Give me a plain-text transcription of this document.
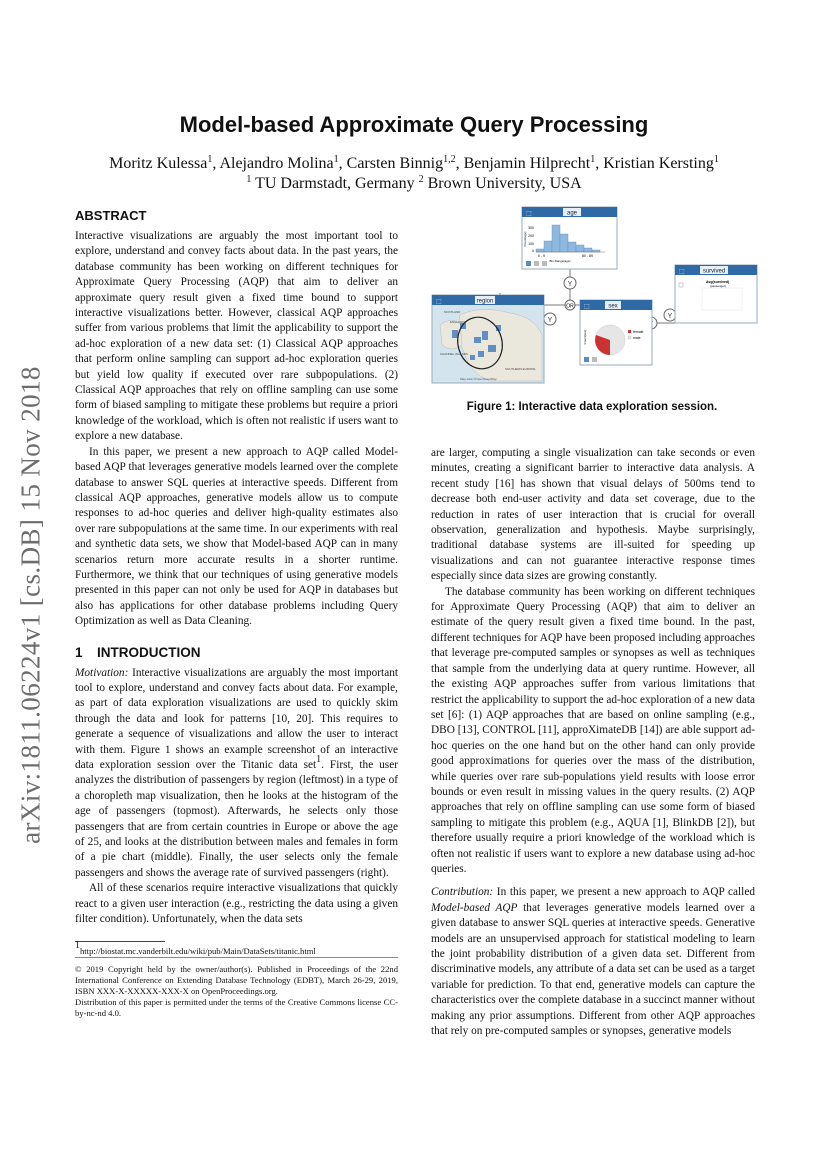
arXiv:1811.06224v1 [cs.DB] 15 Nov 2018
Model-based Approximate Query Processing
Moritz Kulessa$^1$, Alejandro Molina$^1$, Carsten Binnig$^{1,2}$, Benjamin Hilprecht$^1$, Kristian Kersting$^1$
$^1$ TU Darmstadt, Germany $^2$ Brown University, USA
ABSTRACT

Interactive visualizations are arguably the most important tool to explore, understand and convey facts about data. In the past years, the database community has been working on different techniques for Approximate Query Processing (AQP) that aim to deliver an approximate query result given a fixed time bound to support interactive visualizations better. However, classical AQP approaches suffer from various problems that limit the applicability to support the ad-hoc exploration of a new data set: (1) Classical AQP approaches that perform online sampling can support ad-hoc exploration queries but yield low quality if executed over rare subpopulations. (2) Classical AQP approaches that rely on offline sampling can use some form of biased sampling to mitigate these problems but require a priori knowledge of the workload, which is often not realistic if users want to explore a new database.

In this paper, we present a new approach to AQP called Model-based AQP that leverages generative models learned over the complete database to answer SQL queries at interactive speeds. Different from classical AQP approaches, generative models allow us to compute responses to ad-hoc queries and deliver high-quality estimates also over rare subpopulations at the same time. In our experiments with real and synthetic data sets, we show that Model-based AQP can in many scenarios return more accurate results in a shorter runtime. Furthermore, we think that our techniques of using generative models presented in this paper can not only be used for AQP in databases but also has applications for other database problems including Query Optimization as well as Data Cleaning.

1 INTRODUCTION

Motivation: Interactive visualizations are arguably the most important tool to explore, understand and convey facts about data. For example, as part of data exploration visualizations are used to quickly skim through the data and look for patterns [10, 20]. This requires to generate a sequence of visualizations and allow the user to interact with them. Figure 1 shows an example screenshot of an interactive data exploration session over the Titanic data set$^1$. First, the user analyzes the distribution of passengers by region (leftmost) in a type of a choropleth map visualization, then he looks at the histogram of the age of passengers (topmost). Afterwards, he selects only those passengers that are from certain countries in Europe or above the age of 25, and looks at the distribution between males and females in form of a pie chart (middle). Finally, the user selects only the female passengers and shows the average rate of survived passengers (right).

All of these scenarios require interactive visualizations that quickly react to a given user interaction (e.g., restricting the data using a given filter condition). Unfortunately, when the data sets

$^1$http://biostat.mc.vanderbilt.edu/wiki/pub/Main/DataSets/titanic.html

© 2019 Copyright held by the owner/author(s). Published in Proceedings of the 22nd International Conference on Extending Database Technology (EDBT), March 26-29, 2019, ISBN XXX-X-XXXXX-XXX-X on OpenProceedings.org.
Distribution of this paper is permitted under the terms of the Creative Commons license CC-by-nc-nd 4.0.

Y
Y
Y
OR
age
⬚
300
200
100
0
Count(age)
0 - 9	80 - 89
Bin Range(age)
region
⬚
ENGLAND
SCOTLAND
CHANNEL ISLANDS
SOUTHERN EUROPE
Map data ©OpenStreetMap
sex
⬚
Count(sex)	female
male
survived
⬚
Avg(survived)
(passenger)
Figure 1: Interactive data exploration session.

are larger, computing a single visualization can take seconds or even minutes, creating a significant barrier to interactive data analysis. A recent study [16] has shown that visual delays of 500ms tend to decrease both end-user activity and data set coverage, due to the reduction in rates of user interaction that is crucial for overall observation, generalization and hypothesis. Maybe surprisingly, traditional database systems are ill-suited for speeding up visualizations and can not guarantee interactive response times especially since data sizes are growing constantly.

The database community has been working on different techniques for Approximate Query Processing (AQP) that aim to deliver an estimate of the query result given a fixed time bound. In the past, different techniques for AQP have been proposed including approaches that leverage pre-computed samples or synopses as well as techniques that sample from the underlying data at query runtime. However, all the existing AQP approaches suffer from various limitations that restrict the applicability to support the ad-hoc exploration of a new data set [6]: (1) AQP approaches that are based on online sampling (e.g., DBO [13], CONTROL [11], approXimateDB [14]) are able support ad-hoc queries on the one hand but on the other hand can only provide good approximations for queries over the mass of the distribution, while queries over rare sub-populations yield results with loose error bounds or even result in missing values in the query results. (2) AQP approaches that rely on offline sampling can use some form of biased sampling to mitigate this problem (e.g., AQUA [1], BlinkDB [2]), but therefore usually require a priori knowledge of the workload which is often not realistic if users want to explore a new database using ad-hoc queries.

Contribution: In this paper, we present a new approach to AQP called Model-based AQP that leverages generative models learned over a given database to answer SQL queries at interactive speeds. Generative models are an unsupervised approach for statistical modeling to learn the joint probability distribution of a given data set. Different from discriminative models, any attribute of a data set can be used as a target variable for prediction. To that end, generative models can capture the characteristics over the complete database in a succinct manner without making any prior assumptions. Different from other AQP approaches that rely on pre-computed samples or synopses, generative models
